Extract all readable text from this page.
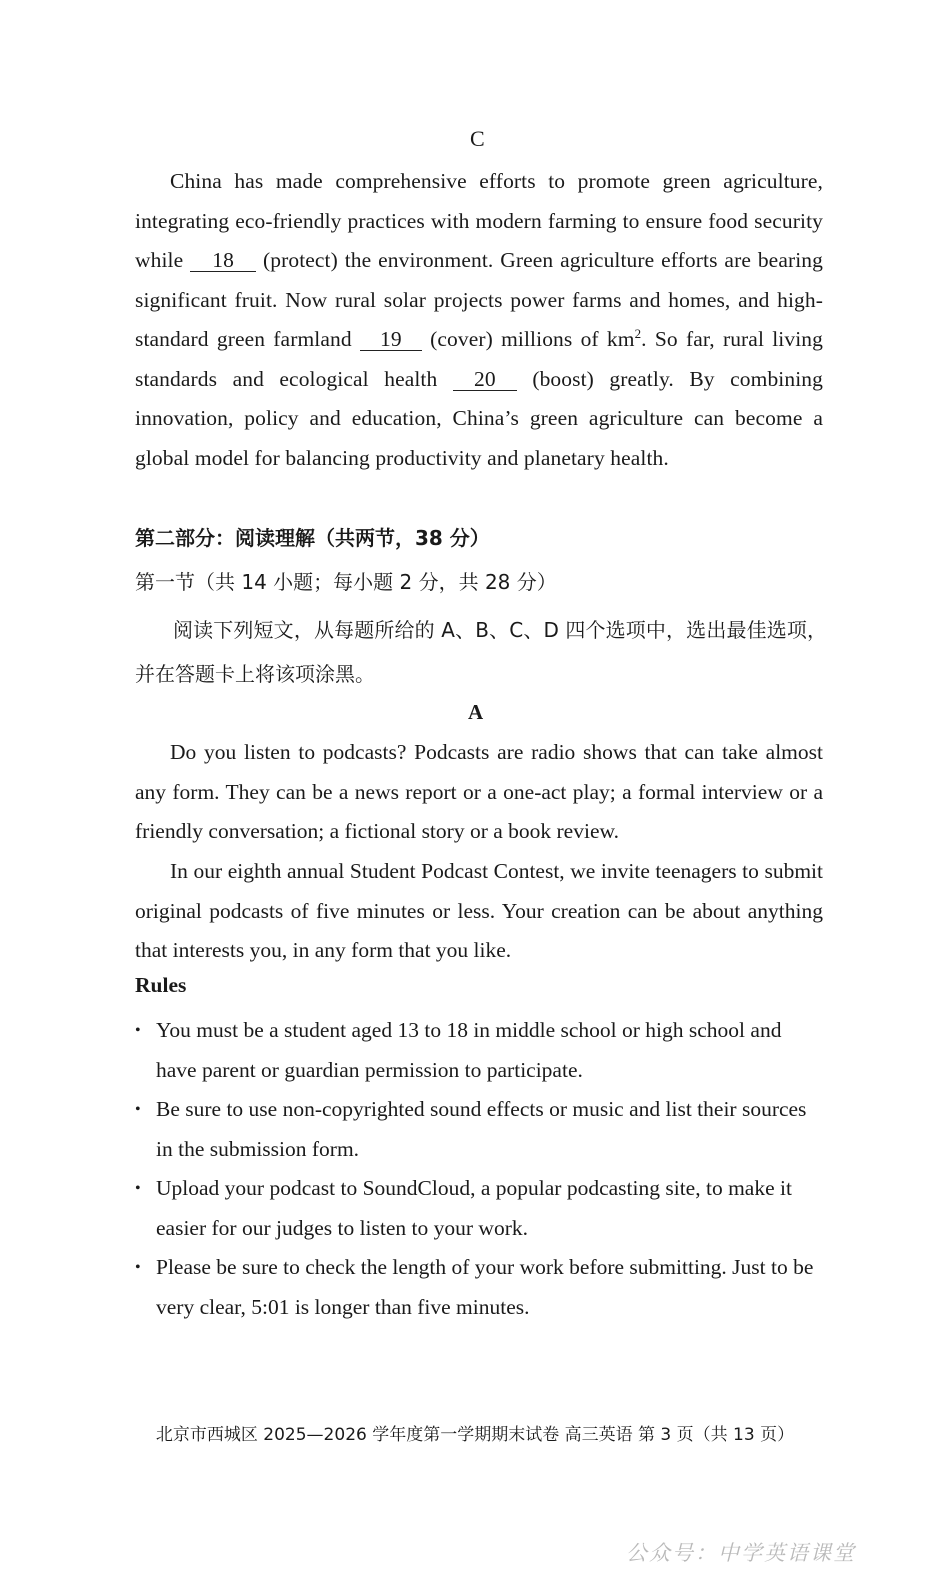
C

China has made comprehensive efforts to promote green agriculture, integrating eco-friendly practices with modern farming to ensure food security while 18 (protect) the environment. Green agriculture efforts are bearing significant fruit. Now rural solar projects power farms and homes, and high-standard green farmland 19 (cover) millions of $km^2$. So far, rural living standards and ecological health 20 (boost) greatly. By combining innovation, policy and education, China’s green agriculture can become a global model for balancing productivity and planetary health.

第二部分：阅读理解（共两节，38 分）
第一节（共 14 小题；每小题 2 分，共 28 分）

阅读下列短文，从每题所给的 A、B、C、D 四个选项中，选出最佳选项，并在答题卡上将该项涂黑。

A

Do you listen to podcasts? Podcasts are radio shows that can take almost any form. They can be a news report or a one-act play; a formal interview or a friendly conversation; a fictional story or a book review.

In our eighth annual Student Podcast Contest, we invite teenagers to submit original podcasts of five minutes or less. Your creation can be about anything that interests you, in any form that you like.

Rules
• You must be a student aged 13 to 18 in middle school or high school and have parent or guardian permission to participate.
• Be sure to use non-copyrighted sound effects or music and list their sources in the submission form.
• Upload your podcast to SoundCloud, a popular podcasting site, to make it easier for our judges to listen to your work.
• Please be sure to check the length of your work before submitting. Just to be very clear, 5:01 is longer than five minutes.
北京市西城区 2025—2026 学年度第一学期期末试卷 高三英语 第 3 页（共 13 页）
公众号：中学英语课堂
